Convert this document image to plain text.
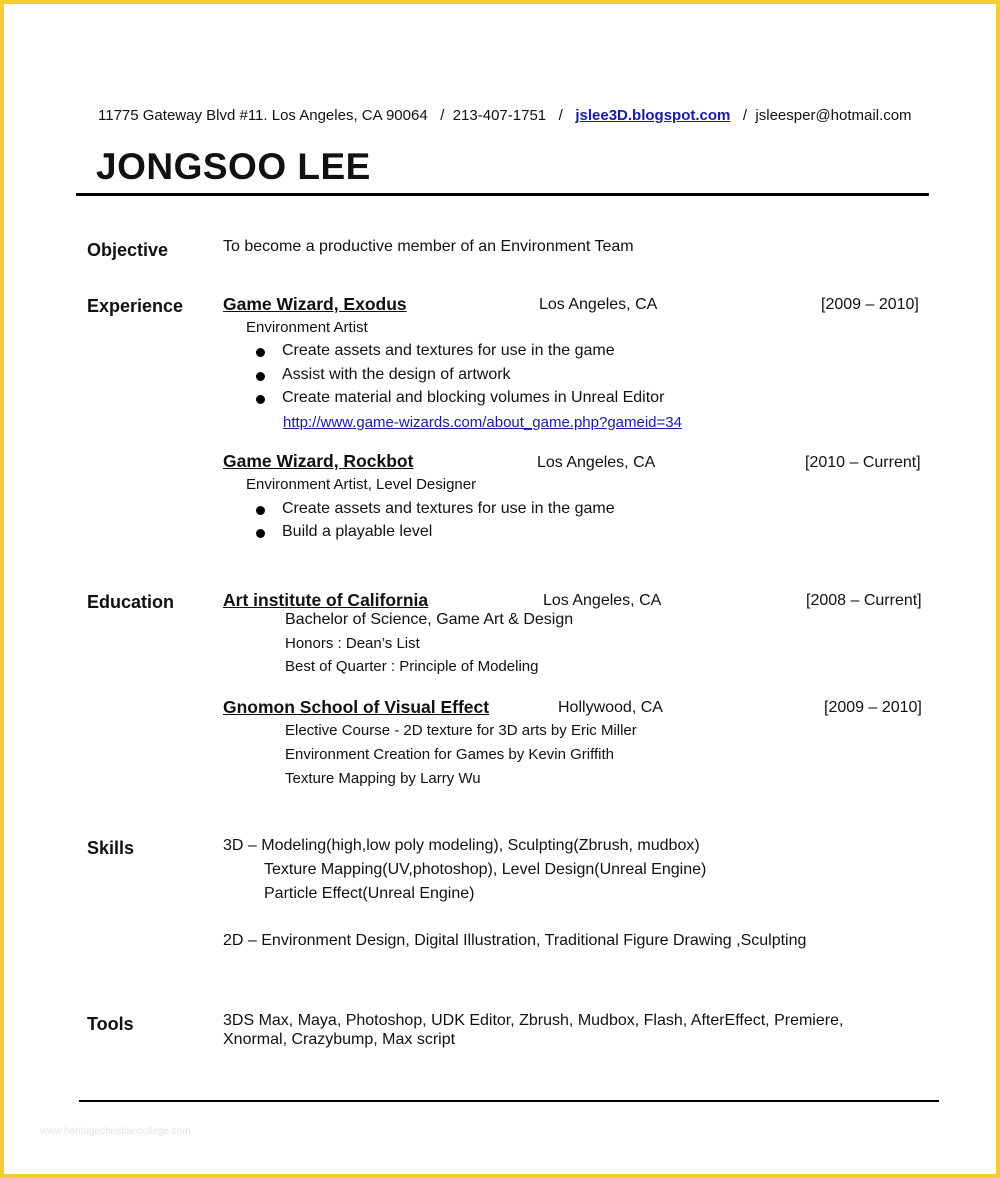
11775 Gateway Blvd #11. Los Angeles, CA 90064 / 213-407-1751 / jslee3D.blogspot.com / jsleesper@hotmail.com
JONGSOO LEE
Objective	To become a productive member of an Environment Team
Experience Game Wizard, Exodus	Los Angeles, CA	[2009 – 2010]
Environment Artist
Create assets and textures for use in the game
Assist with the design of artwork
Create material and blocking volumes in Unreal Editor
http://www.game-wizards.com/about_game.php?gameid=34
Game Wizard, Rockbot	Los Angeles, CA	[2010 – Current]
Environment Artist, Level Designer
Create assets and textures for use in the game
Build a playable level
Education	Art institute of California	Los Angeles, CA	[2008 – Current]
Bachelor of Science, Game Art & Design
Honors : Dean’s List
Best of Quarter : Principle of Modeling
Gnomon School of Visual Effect	Hollywood, CA	[2009 – 2010]
Elective Course - 2D texture for 3D arts by Eric Miller
Environment Creation for Games by Kevin Griffith
Texture Mapping by Larry Wu
Skills	3D – Modeling(high,low poly modeling), Sculpting(Zbrush, mudbox)
Texture Mapping(UV,photoshop), Level Design(Unreal Engine)
Particle Effect(Unreal Engine)
2D – Environment Design, Digital Illustration, Traditional Figure Drawing ,Sculpting
Tools	3DS Max, Maya, Photoshop, UDK Editor, Zbrush, Mudbox, Flash, AfterEffect, Premiere,
Xnormal, Crazybump, Max script
www.heritagechristiancollege.com
